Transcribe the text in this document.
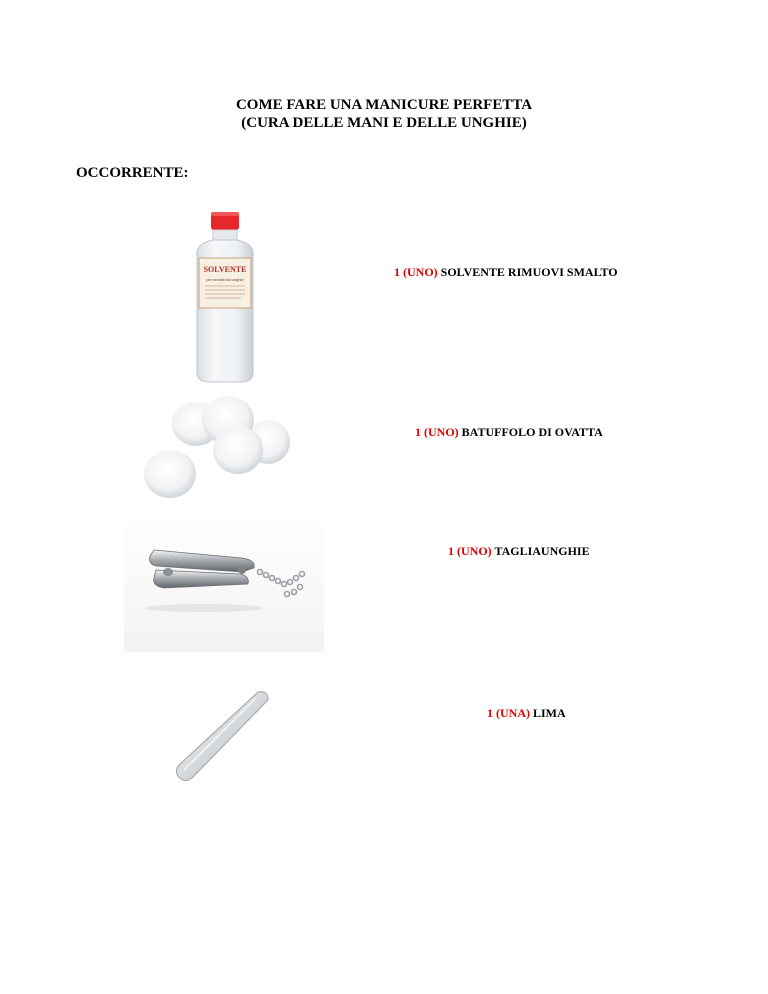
COME FARE UNA MANICURE PERFETTA
(CURA DELLE MANI E DELLE UNGHIE)
OCCORRENTE:
SOLVENTE
per smalto da unghie
1 (UNO) SOLVENTE RIMUOVI SMALTO
1 (UNO) BATUFFOLO DI OVATTA
1 (UNO) TAGLIAUNGHIE
1 (UNA) LIMA
